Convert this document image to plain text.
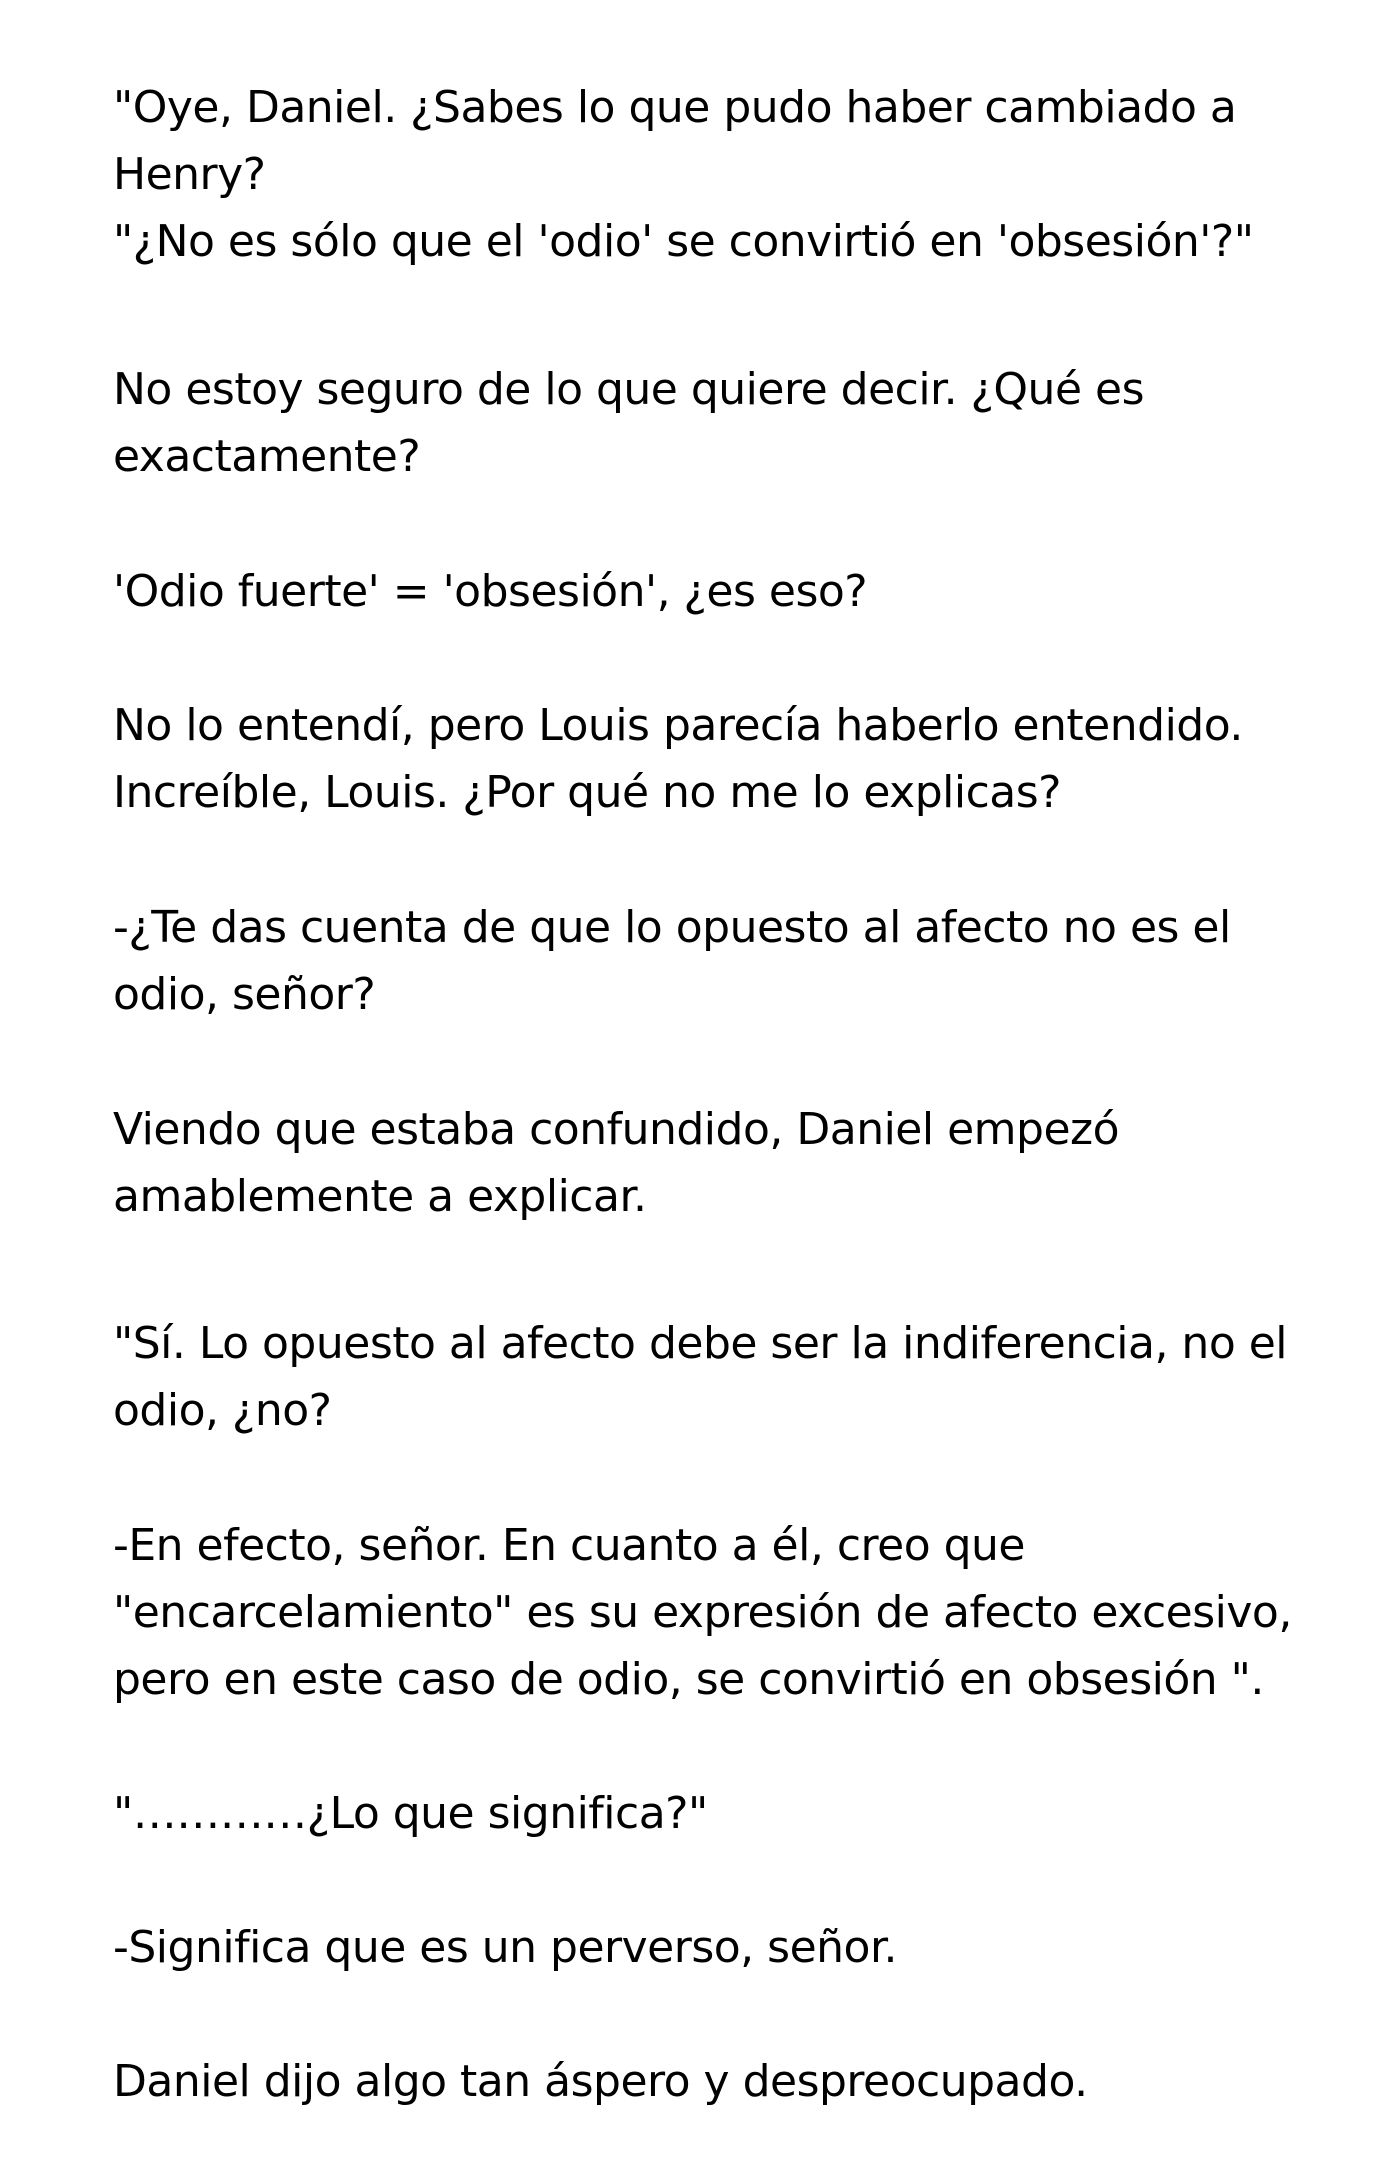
"Oye, Daniel. ¿Sabes lo que pudo haber cambiado a
Henry?
"¿No es sólo que el 'odio' se convirtió en 'obsesión'?"

No estoy seguro de lo que quiere decir. ¿Qué es
exactamente?

'Odio fuerte' = 'obsesión', ¿es eso?

No lo entendí, pero Louis parecía haberlo entendido.
Increíble, Louis. ¿Por qué no me lo explicas?

-¿Te das cuenta de que lo opuesto al afecto no es el
odio, señor?

Viendo que estaba confundido, Daniel empezó
amablemente a explicar.

"Sí. Lo opuesto al afecto debe ser la indiferencia, no el
odio, ¿no?

-En efecto, señor. En cuanto a él, creo que
"encarcelamiento" es su expresión de afecto excesivo,
pero en este caso de odio, se convirtió en obsesión ".

"…………¿Lo que significa?"

-Significa que es un perverso, señor.

Daniel dijo algo tan áspero y despreocupado.
